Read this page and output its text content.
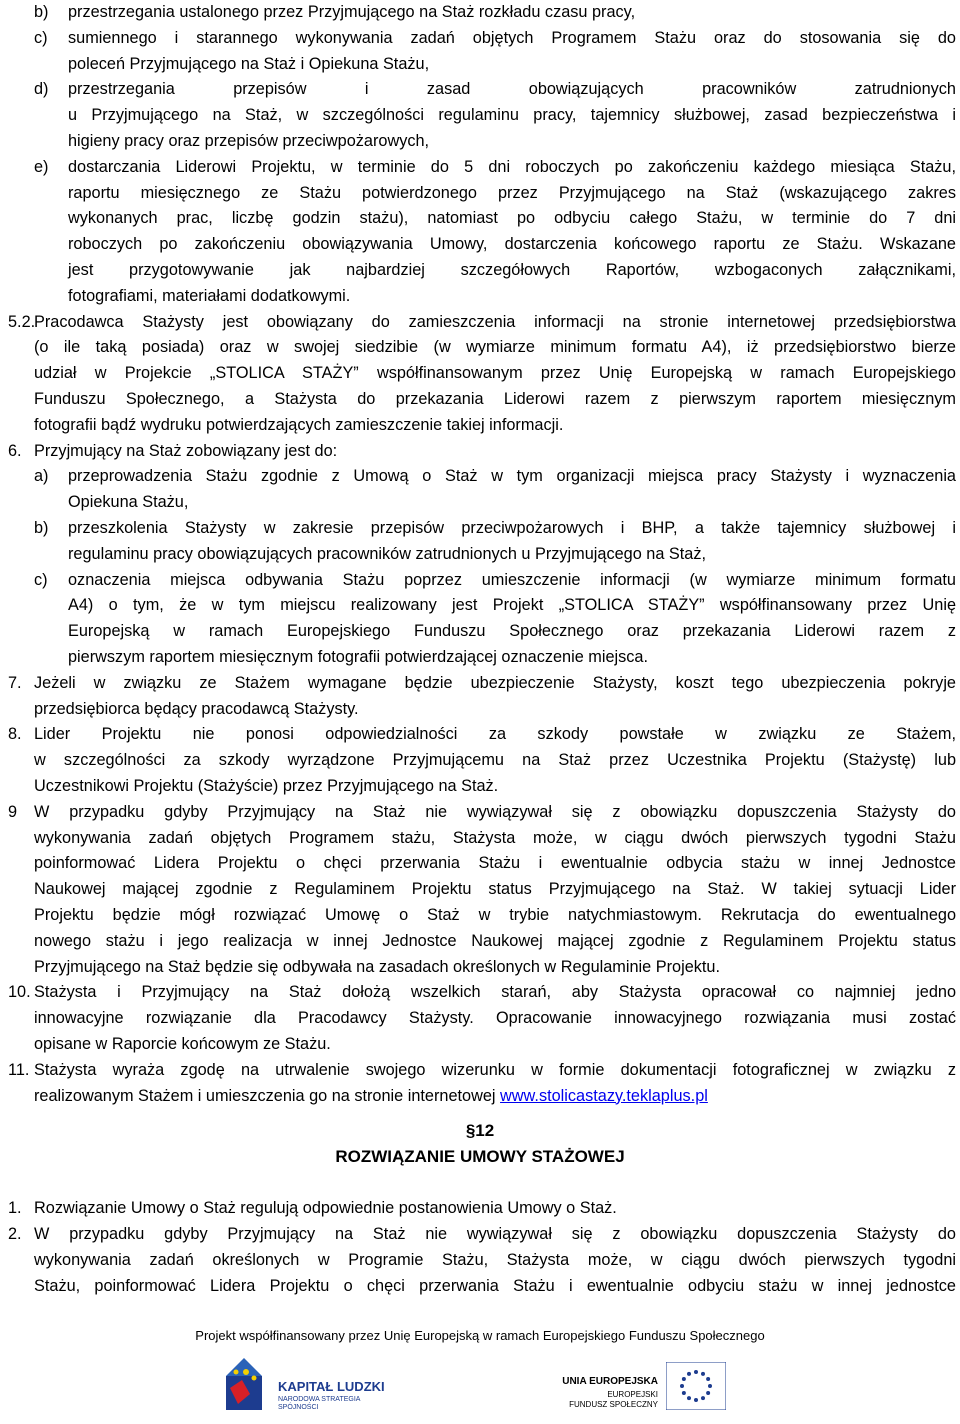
b) przestrzegania ustalonego przez Przyjmującego na Staż rozkładu czasu pracy,
c) sumiennego i starannego wykonywania zadań objętych Programem Stażu oraz do stosowania się do
poleceń Przyjmującego na Staż i Opiekuna Stażu,
d) przestrzegania przepisów i zasad obowiązujących pracowników zatrudnionych
u Przyjmującego na Staż, w szczególności regulaminu pracy, tajemnicy służbowej, zasad bezpieczeństwa i
higieny pracy oraz przepisów przeciwpożarowych,
e) dostarczania Liderowi Projektu, w terminie do 5 dni roboczych po zakończeniu każdego miesiąca Stażu,
raportu miesięcznego ze Stażu potwierdzonego przez Przyjmującego na Staż (wskazującego zakres
wykonanych prac, liczbę godzin stażu), natomiast po odbyciu całego Stażu, w terminie do 7 dni
roboczych po zakończeniu obowiązywania Umowy, dostarczenia końcowego raportu ze Stażu. Wskazane
jest przygotowywanie jak najbardziej szczegółowych Raportów, wzbogaconych załącznikami,
fotografiami, materiałami dodatkowymi.
5.2.
Pracodawca Stażysty jest obowiązany do zamieszczenia informacji na stronie internetowej przedsiębiorstwa
(o ile taką posiada) oraz w swojej siedzibie (w wymiarze minimum formatu A4), iż przedsiębiorstwo bierze
udział w Projekcie „STOLICA STAŻY” współfinansowanym przez Unię Europejską w ramach Europejskiego
Funduszu Społecznego, a Stażysta do przekazania Liderowi razem z pierwszym raportem miesięcznym
fotografii bądź wydruku potwierdzających zamieszczenie takiej informacji.
6. Przyjmujący na Staż zobowiązany jest do:
a) przeprowadzenia Stażu zgodnie z Umową o Staż w tym organizacji miejsca pracy Stażysty i wyznaczenia
Opiekuna Stażu,
b) przeszkolenia Stażysty w zakresie przepisów przeciwpożarowych i BHP, a także tajemnicy służbowej i
regulaminu pracy obowiązujących pracowników zatrudnionych u Przyjmującego na Staż,
c) oznaczenia miejsca odbywania Stażu poprzez umieszczenie informacji (w wymiarze minimum formatu
A4) o tym, że w tym miejscu realizowany jest Projekt „STOLICA STAŻY” współfinansowany przez Unię
Europejską w ramach Europejskiego Funduszu Społecznego oraz przekazania Liderowi razem z
pierwszym raportem miesięcznym fotografii potwierdzającej oznaczenie miejsca.
7. Jeżeli w związku ze Stażem wymagane będzie ubezpieczenie Stażysty, koszt tego ubezpieczenia pokryje
przedsiębiorca będący pracodawcą Stażysty.
8. Lider Projektu nie ponosi odpowiedzialności za szkody powstałe w związku ze Stażem,
w szczególności za szkody wyrządzone Przyjmującemu na Staż przez Uczestnika Projektu (Stażystę) lub
Uczestnikowi Projektu (Stażyście) przez Przyjmującego na Staż.
9 W przypadku gdyby Przyjmujący na Staż nie wywiązywał się z obowiązku dopuszczenia Stażysty do
wykonywania zadań objętych Programem stażu, Stażysta może, w ciągu dwóch pierwszych tygodni Stażu
poinformować Lidera Projektu o chęci przerwania Stażu i ewentualnie odbycia stażu w innej Jednostce
Naukowej mającej zgodnie z Regulaminem Projektu status Przyjmującego na Staż. W takiej sytuacji Lider
Projektu będzie mógł rozwiązać Umowę o Staż w trybie natychmiastowym. Rekrutacja do ewentualnego
nowego stażu i jego realizacja w innej Jednostce Naukowej mającej zgodnie z Regulaminem Projektu status
Przyjmującego na Staż będzie się odbywała na zasadach określonych w Regulaminie Projektu.
10. Stażysta i Przyjmujący na Staż dołożą wszelkich starań, aby Stażysta opracował co najmniej jedno
innowacyjne rozwiązanie dla Pracodawcy Stażysty. Opracowanie innowacyjnego rozwiązania musi zostać
opisane w Raporcie końcowym ze Stażu.
11. Stażysta wyraża zgodę na utrwalenie swojego wizerunku w formie dokumentacji fotograficznej w związku z
realizowanym Stażem i umieszczenia go na stronie internetowej www.stolicastazy.teklaplus.pl
1. Rozwiązanie Umowy o Staż regulują odpowiednie postanowienia Umowy o Staż.
2. W przypadku gdyby Przyjmujący na Staż nie wywiązywał się z obowiązku dopuszczenia Stażysty do
wykonywania zadań określonych w Programie Stażu, Stażysta może, w ciągu dwóch pierwszych tygodni
Stażu, poinformować Lidera Projektu o chęci przerwania Stażu i ewentualnie odbyciu stażu w innej jednostce
§12
ROZWIĄZANIE UMOWY STAŻOWEJ
Projekt współfinansowany przez Unię Europejską w ramach Europejskiego Funduszu Społecznego
KAPITAŁ LUDZKI
NARODOWA STRATEGIA SPÓJNOŚCI
UNIA EUROPEJSKA
EUROPEJSKI
FUNDUSZ SPOŁECZNY
